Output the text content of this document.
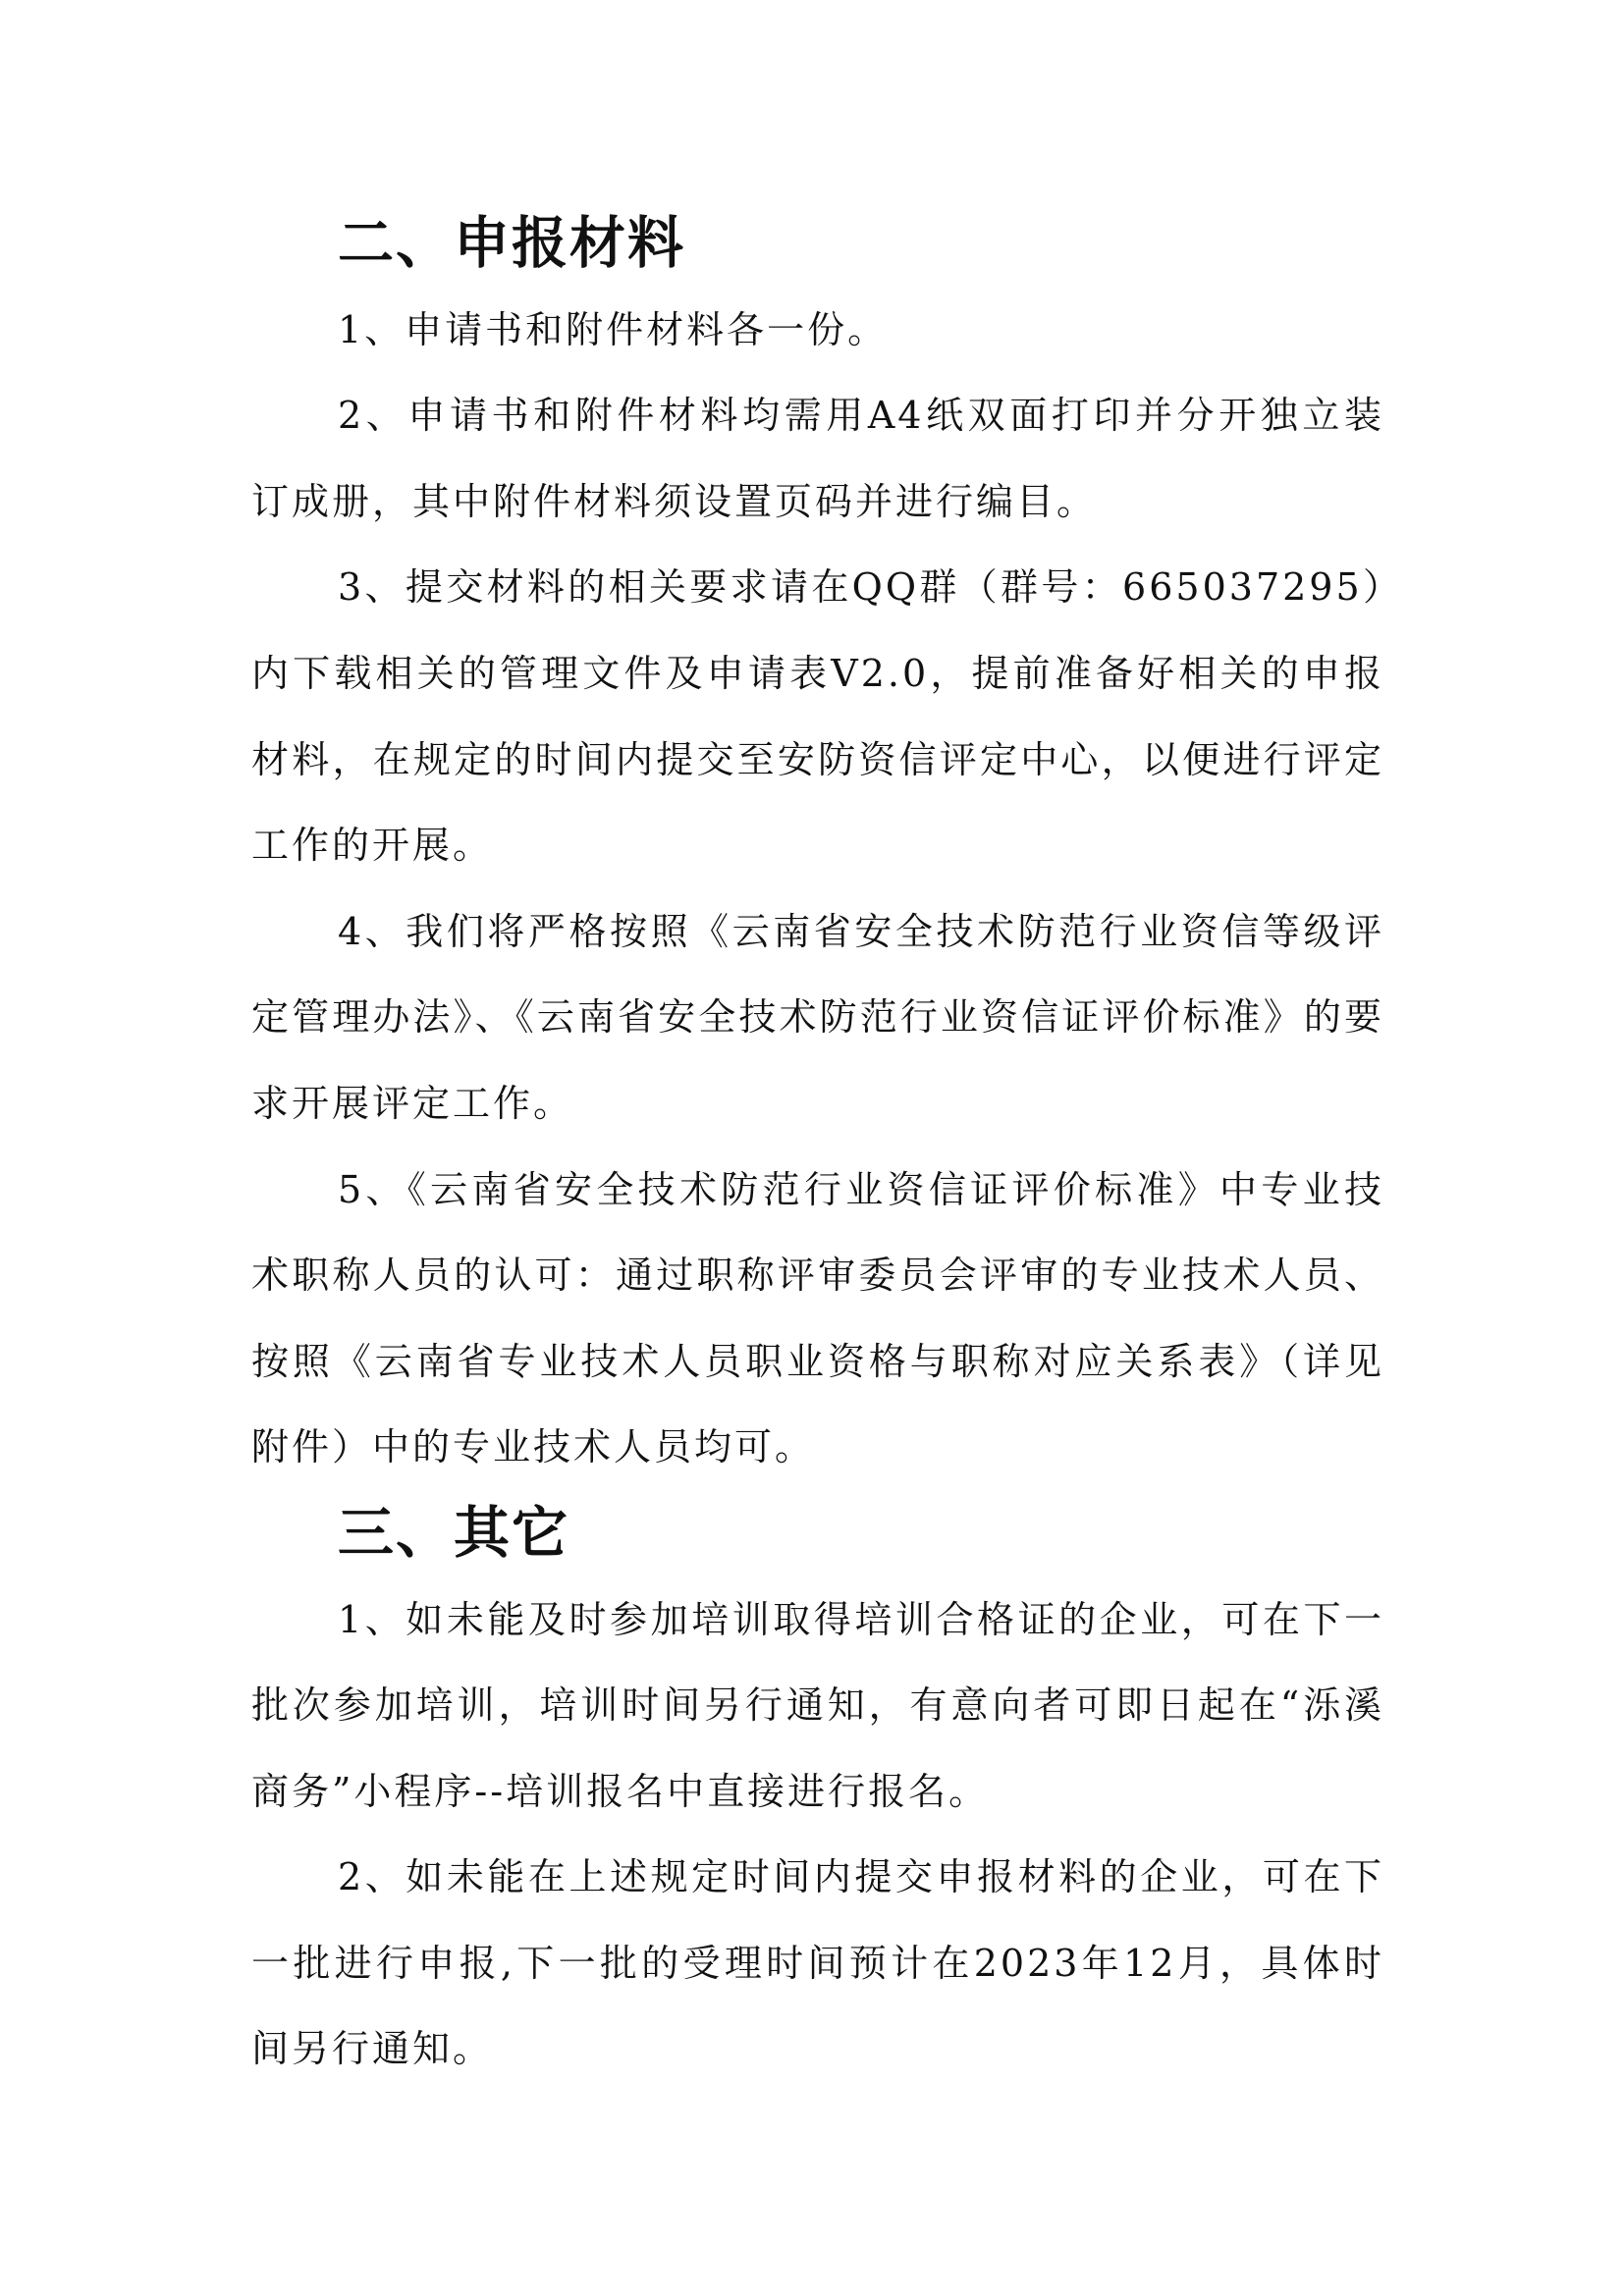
二、申报材料

1、申请书和附件材料各一份。

2、申请书和附件材料均需用A4纸双面打印并分开独立装订成册，其中附件材料须设置页码并进行编目。

3、提交材料的相关要求请在QQ群（群号：665037295）内下载相关的管理文件及申请表V2.0，提前准备好相关的申报材料，在规定的时间内提交至安防资信评定中心，以便进行评定工作的开展。

4、我们将严格按照《云南省安全技术防范行业资信等级评定管理办法》、《云南省安全技术防范行业资信证评价标准》的要求开展评定工作。

5、《云南省安全技术防范行业资信证评价标准》中专业技术职称人员的认可：通过职称评审委员会评审的专业技术人员、按照《云南省专业技术人员职业资格与职称对应关系表》（详见附件）中的专业技术人员均可。

三、其它

1、如未能及时参加培训取得培训合格证的企业，可在下一批次参加培训，培训时间另行通知，有意向者可即日起在“泺溪商务”小程序--培训报名中直接进行报名。

2、如未能在上述规定时间内提交申报材料的企业，可在下一批进行申报,下一批的受理时间预计在2023年12月，具体时间另行通知。
